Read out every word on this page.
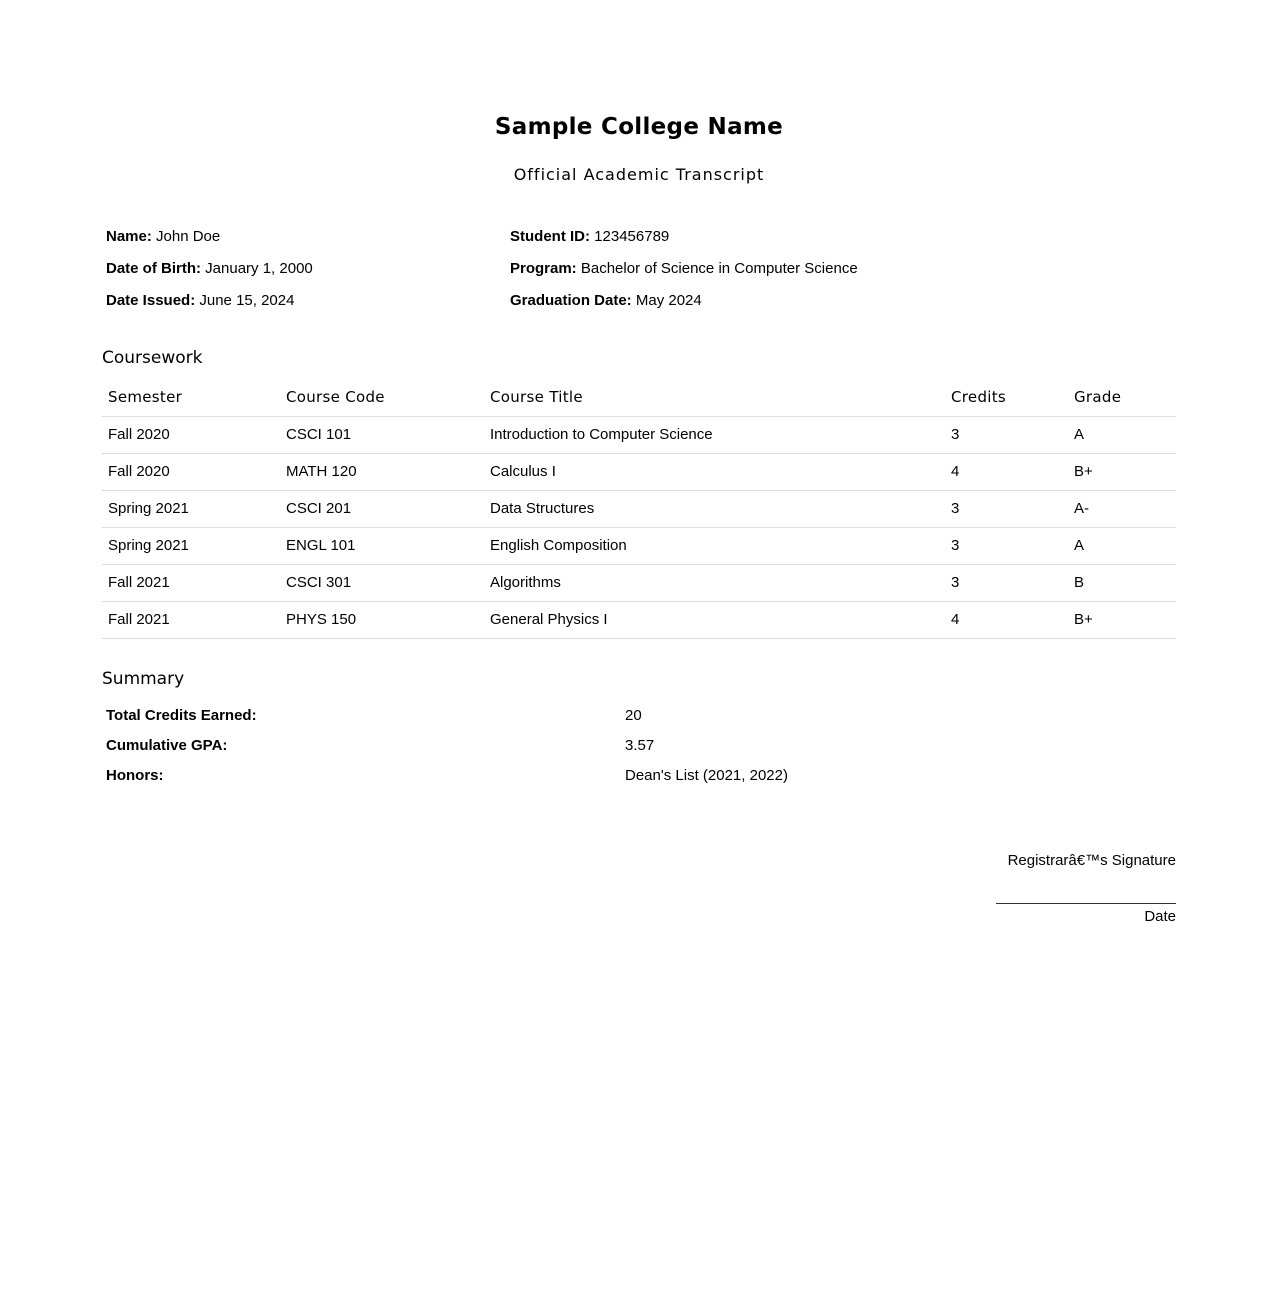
Sample College Name
Official Academic Transcript
Name: John Doe
Date of Birth: January 1, 2000
Date Issued: June 15, 2024
Student ID: 123456789
Program: Bachelor of Science in Computer Science
Graduation Date: May 2024
Coursework
Semester	Course Code	Course Title	Credits	Grade
Fall 2020	CSCI 101	Introduction to Computer Science	3	A
Fall 2020	MATH 120	Calculus I	4	B+
Spring 2021	CSCI 201	Data Structures	3	A-
Spring 2021	ENGL 101	English Composition	3	A
Fall 2021	CSCI 301	Algorithms	3	B
Fall 2021	PHYS 150	General Physics I	4	B+
Summary
Total Credits Earned:	20
Cumulative GPA:	3.57
Honors:	Dean's List (2021, 2022)
Registrarâ€™s Signature
Date
